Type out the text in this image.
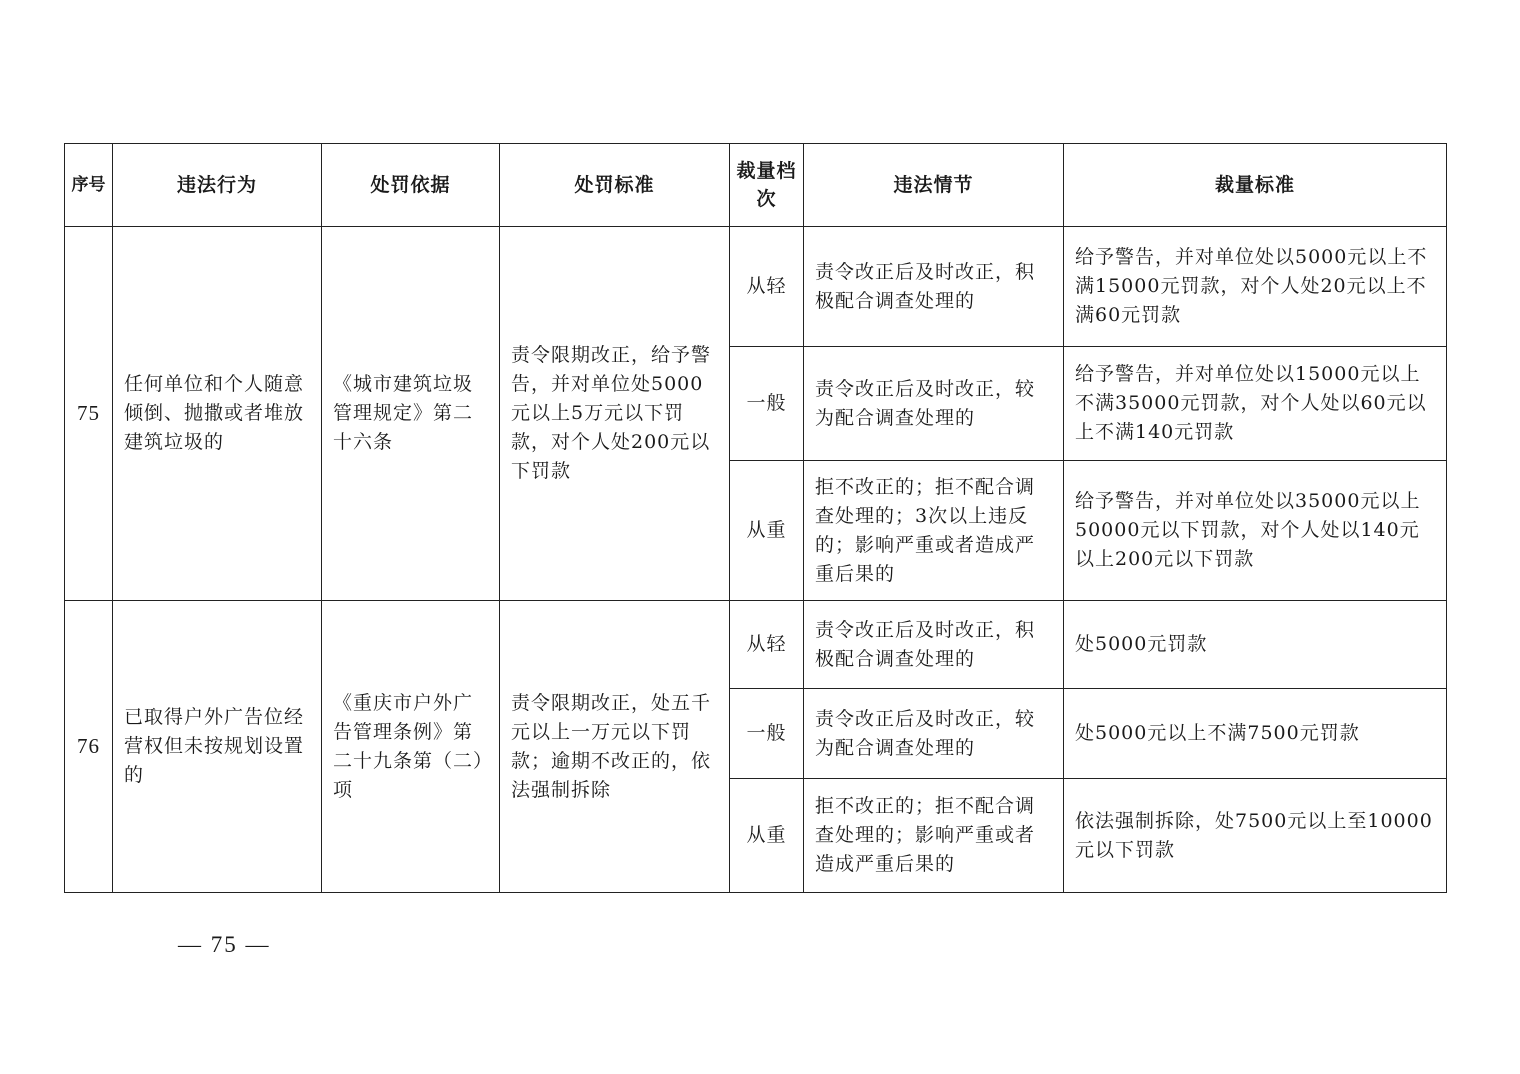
序号	违法行为	处罚依据	处罚标准	裁量档次	违法情节	裁量标准
75	任何单位和个人随意倾倒、抛撒或者堆放建筑垃圾的	《城市建筑垃圾管理规定》第二十六条	责令限期改正，给予警告，并对单位处5000元以上5万元以下罚款，对个人处200元以下罚款	从轻	责令改正后及时改正，积极配合调查处理的	给予警告，并对单位处以5000元以上不满15000元罚款，对个人处20元以上不满60元罚款
				一般	责令改正后及时改正，较为配合调查处理的	给予警告，并对单位处以15000元以上不满35000元罚款，对个人处以60元以上不满140元罚款
				从重	拒不改正的；拒不配合调查处理的；3次以上违反的；影响严重或者造成严重后果的	给予警告，并对单位处以35000元以上50000元以下罚款，对个人处以140元以上200元以下罚款
76	已取得户外广告位经营权但未按规划设置的	《重庆市户外广告管理条例》第二十九条第（二）项	责令限期改正，处五千元以上一万元以下罚款；逾期不改正的，依法强制拆除	从轻	责令改正后及时改正，积极配合调查处理的	处5000元罚款
				一般	责令改正后及时改正，较为配合调查处理的	处5000元以上不满7500元罚款
				从重	拒不改正的；拒不配合调查处理的；影响严重或者造成严重后果的	依法强制拆除，处7500元以上至10000元以下罚款
— 75 —
